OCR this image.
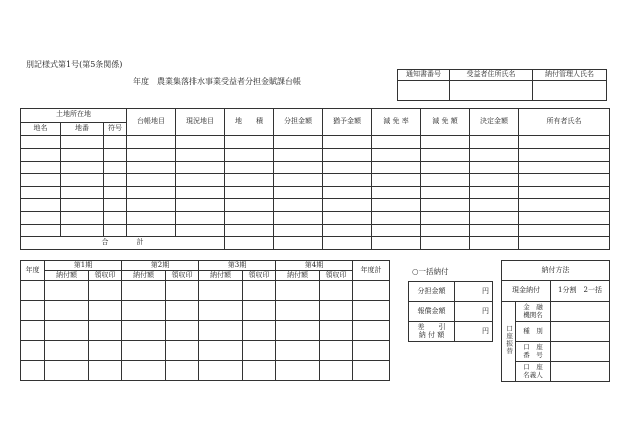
別記様式第1号(第5条関係)
年度　農業集落排水事業受益者分担金賦課台帳
通知書番号	受益者住所氏名	納付管理人氏名

土地所在地			台帳地目	現況地目	地　　積	分担金額	猶予金額	減 免 率	減 免 額	決定金額	所有者氏名
地名	地番	符号									

合　　　　計											
年度	第1期		第2期		第3期		第4期		年度計
	納付額	領収印	納付額	領収印	納付額	領収印	納付額	領収印	

										○一括納付
分担金額	円
報償金額	円

差　　引
納 付 額	円
納付方法		
現金納付		1分割　2一括
口座振替	金　融
機関名	

	種　別	

	口　座
番　号	

	口　座
名義人	
